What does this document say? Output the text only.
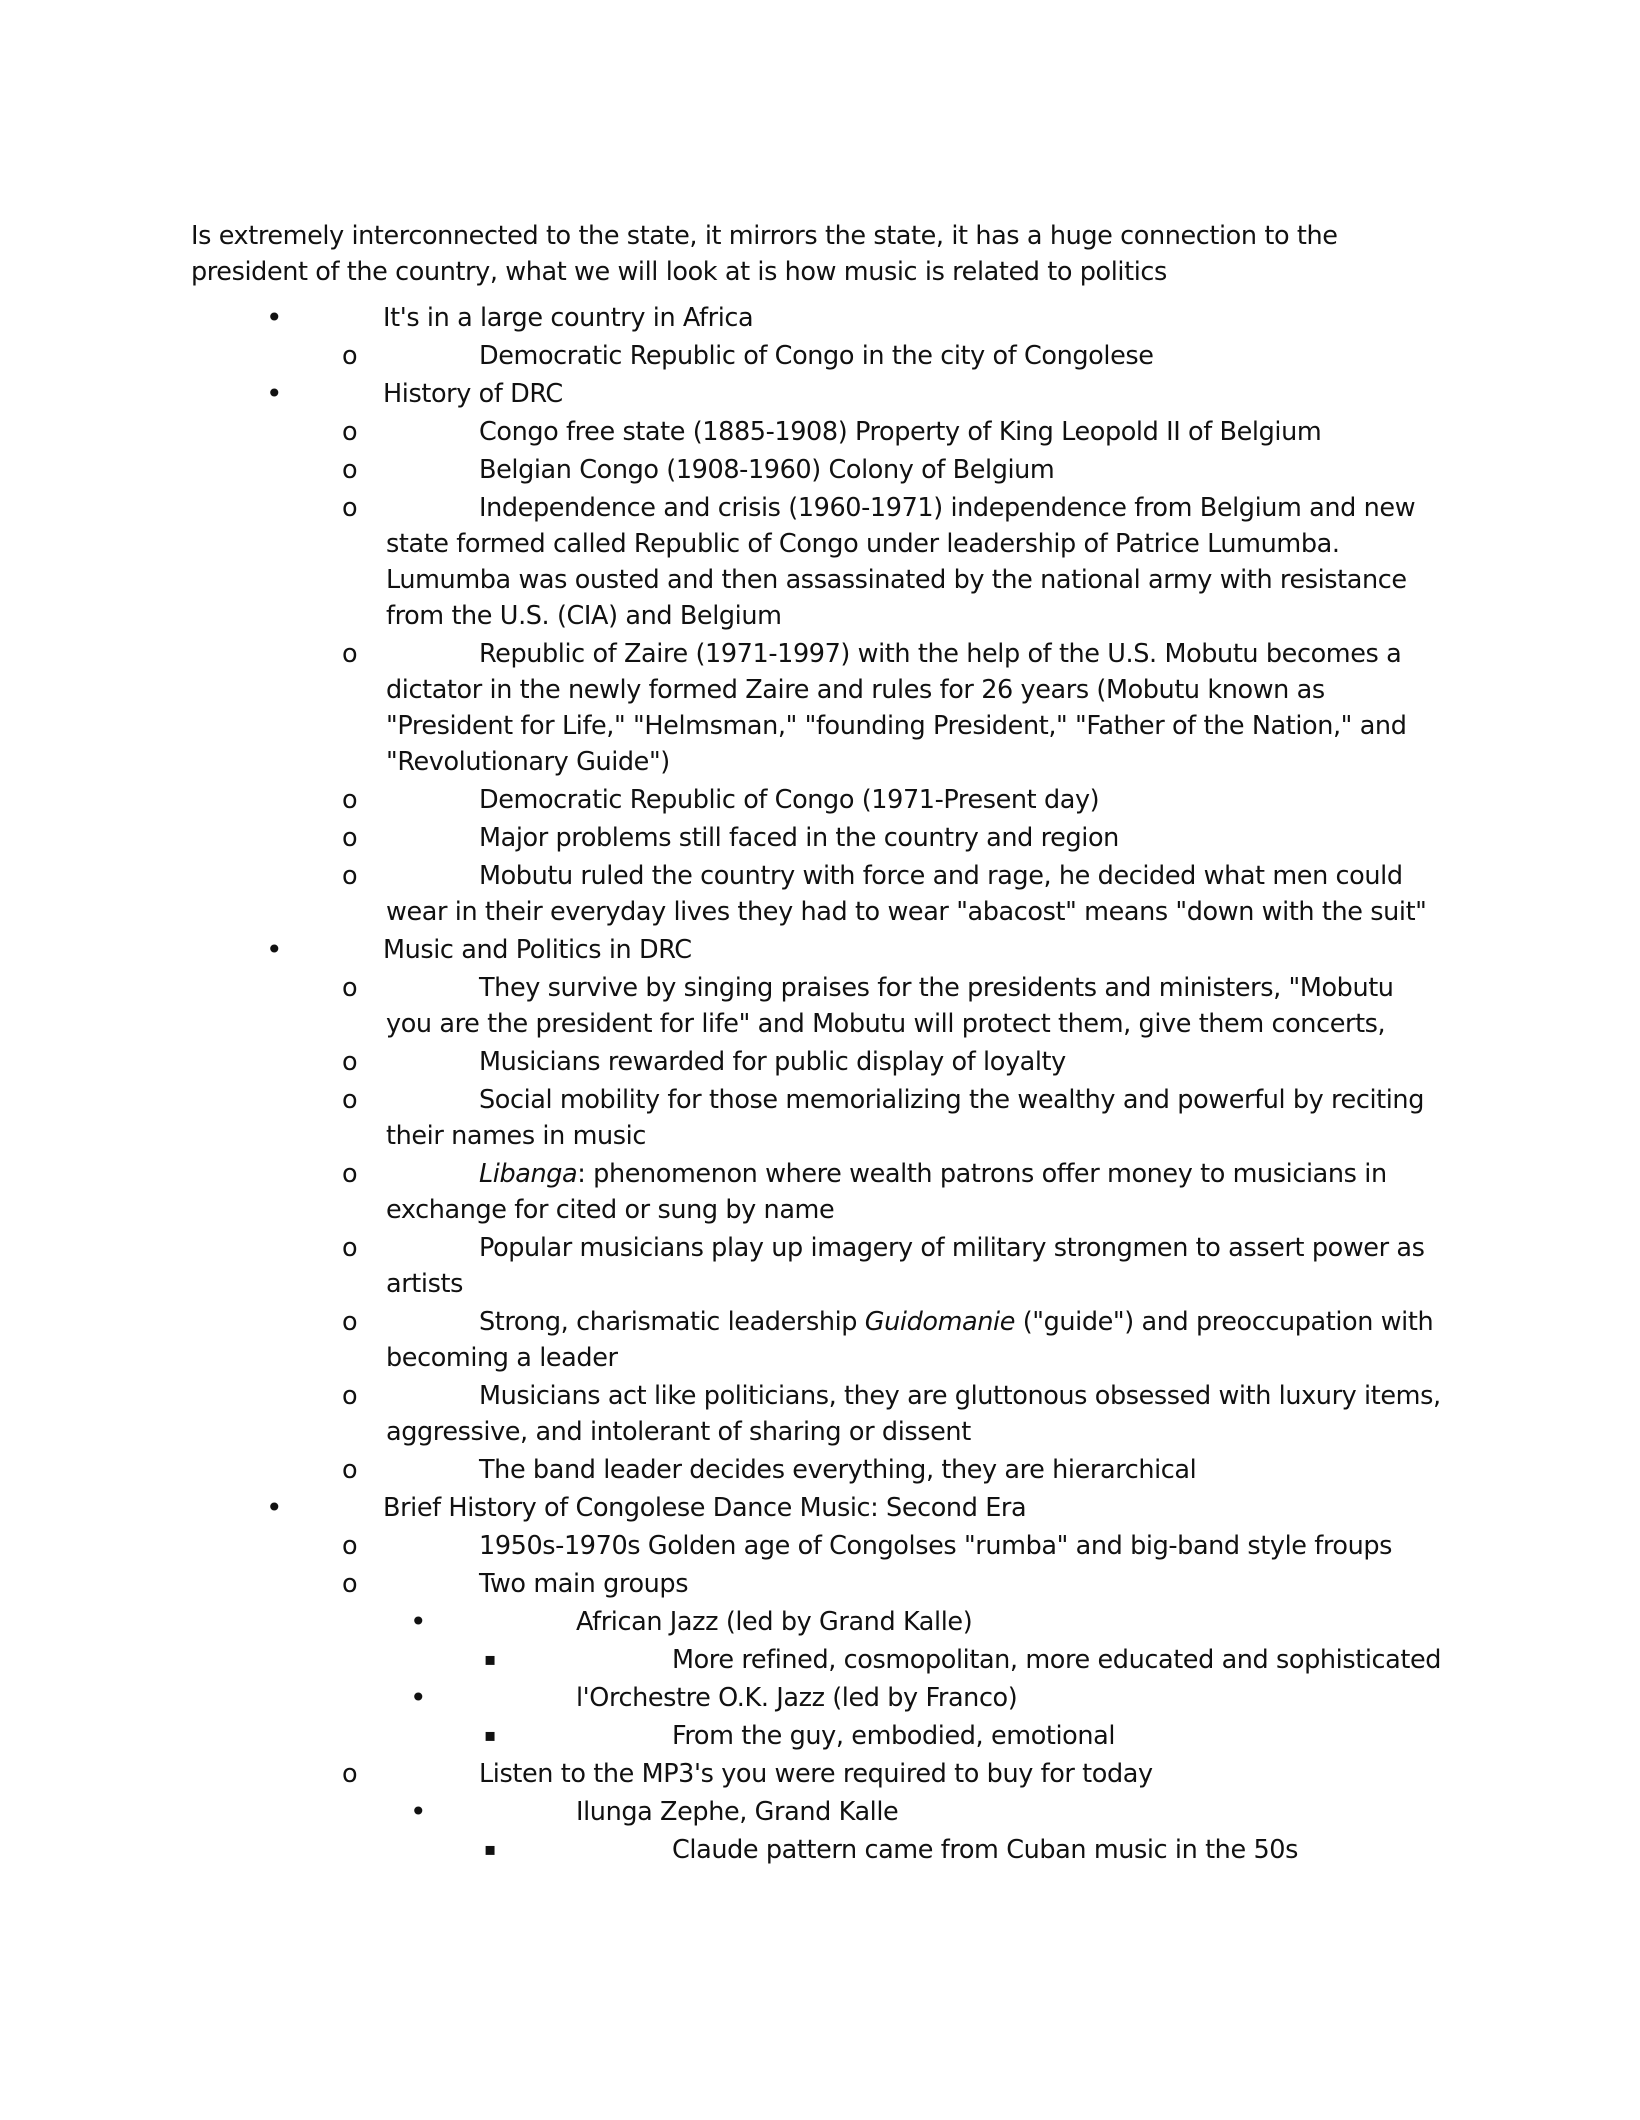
Is extremely interconnected to the state, it mirrors the state, it has a huge connection to the president of the country, what we will look at is how music is related to politics

•	It's in a large country in Africa
o	Democratic Republic of Congo in the city of Congolese
•	History of DRC
o	Congo free state (1885-1908) Property of King Leopold II of Belgium
o	Belgian Congo (1908-1960) Colony of Belgium
o	Independence and crisis (1960-1971) independence from Belgium and new state formed called Republic of Congo under leadership of Patrice Lumumba. Lumumba was ousted and then assassinated by the national army with resistance from the U.S. (CIA) and Belgium
o	Republic of Zaire (1971-1997) with the help of the U.S. Mobutu becomes a dictator in the newly formed Zaire and rules for 26 years (Mobutu known as "President for Life," "Helmsman," "founding President," "Father of the Nation," and "Revolutionary Guide")
o	Democratic Republic of Congo (1971-Present day)
o	Major problems still faced in the country and region
o	Mobutu ruled the country with force and rage, he decided what men could wear in their everyday lives they had to wear "abacost" means "down with the suit"
•	Music and Politics in DRC
o	They survive by singing praises for the presidents and ministers, "Mobutu you are the president for life" and Mobutu will protect them, give them concerts,
o	Musicians rewarded for public display of loyalty
o	Social mobility for those memorializing the wealthy and powerful by reciting their names in music
o	Libanga: phenomenon where wealth patrons offer money to musicians in exchange for cited or sung by name
o	Popular musicians play up imagery of military strongmen to assert power as artists
o	Strong, charismatic leadership Guidomanie ("guide") and preoccupation with becoming a leader
o	Musicians act like politicians, they are gluttonous obsessed with luxury items, aggressive, and intolerant of sharing or dissent
o	The band leader decides everything, they are hierarchical
•	Brief History of Congolese Dance Music: Second Era
o	1950s-1970s Golden age of Congolses "rumba" and big-band style froups
o	Two main groups
•	African Jazz (led by Grand Kalle)
▪	More refined, cosmopolitan, more educated and sophisticated
•	l'Orchestre O.K. Jazz (led by Franco)
▪	From the guy, embodied, emotional
o	Listen to the MP3's you were required to buy for today
•	Ilunga Zephe, Grand Kalle
▪	Claude pattern came from Cuban music in the 50s
